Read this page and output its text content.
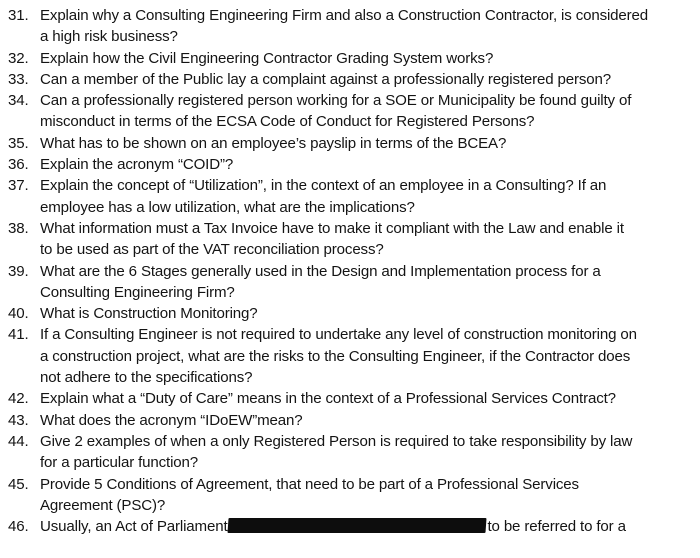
31. Explain why a Consulting Engineering Firm and also a Construction Contractor, is considered
a high risk business?
32. Explain how the Civil Engineering Contractor Grading System works?
33. Can a member of the Public lay a complaint against a professionally registered person?
34. Can a professionally registered person working for a SOE or Municipality be found guilty of
misconduct in terms of the ECSA Code of Conduct for Registered Persons?
35. What has to be shown on an employee’s payslip in terms of the BCEA?
36. Explain the acronym “COID”?
37. Explain the concept of “Utilization”, in the context of an employee in a Consulting? If an
employee has a low utilization, what are the implications?
38. What information must a Tax Invoice have to make it compliant with the Law and enable it
to be used as part of the VAT reconciliation process?
39. What are the 6 Stages generally used in the Design and Implementation process for a
Consulting Engineering Firm?
40. What is Construction Monitoring?
41. If a Consulting Engineer is not required to undertake any level of construction monitoring on
a construction project, what are the risks to the Consulting Engineer, if the Contractor does
not adhere to the specifications?
42. Explain what a “Duty of Care” means in the context of a Professional Services Contract?
43. What does the acronym “IDoEW”mean?
44. Give 2 examples of when a only Registered Person is required to take responsibility by law
for a particular function?
45. Provide 5 Conditions of Agreement, that need to be part of a Professional Services
Agreement (PSC)?
46. Usually, an Act of Parliament	to be referred to for a
